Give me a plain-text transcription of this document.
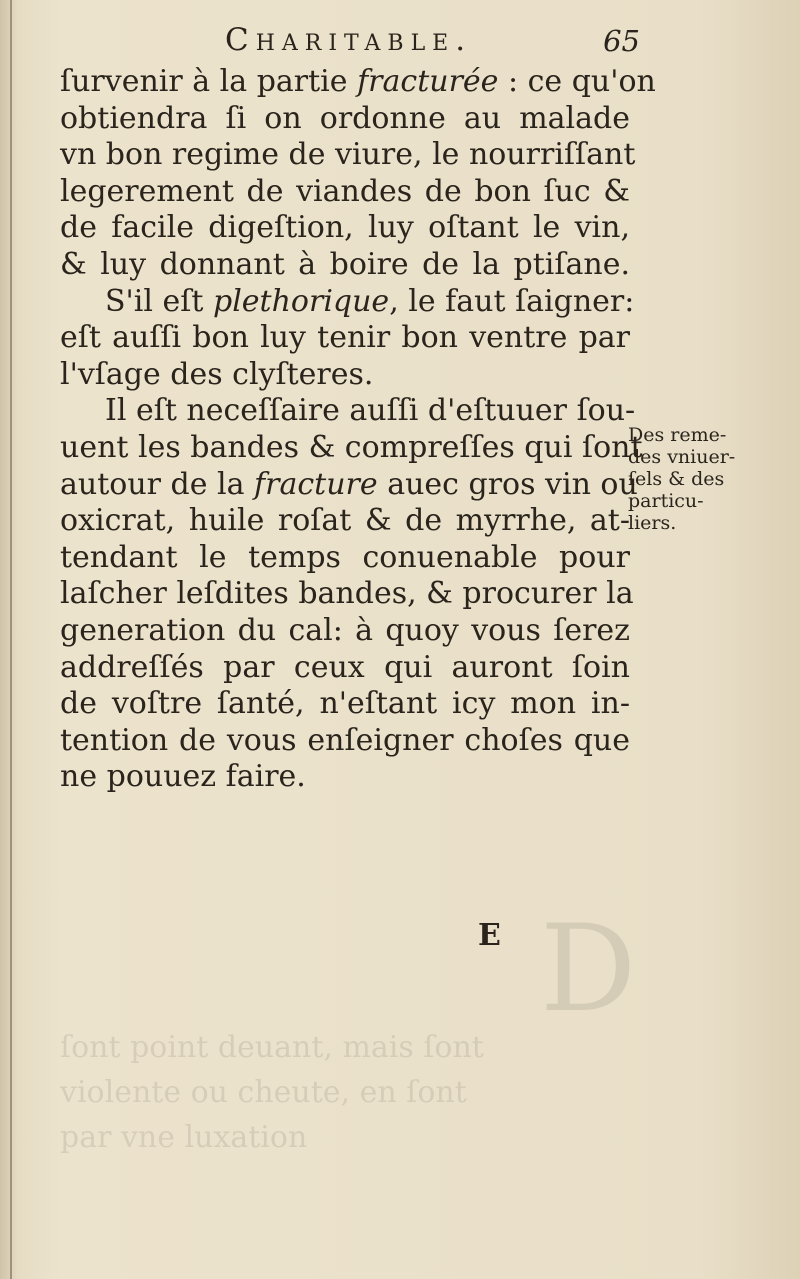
D
ſont point deuant, mais ſont
violente ou cheute, en ſont
par vne luxation
Charitable.	65
ſurvenir à la partie fracturée : ce qu'on
obtiendra ſi on ordonne au malade
vn bon regime de viure, le nourriſſant
legerement de viandes de bon ſuc &
de facile digeſtion, luy oſtant le vin,
& luy donnant à boire de la ptiſane.
S'il eſt plethorique, le faut ſaigner:
eſt auſſi bon luy tenir bon ventre par
l'vſage des clyſteres.
Il eſt neceſſaire auſſi d'eſtuuer ſou-
uent les bandes & compreſſes qui ſont
autour de la fracture auec gros vin ou
oxicrat, huile roſat & de myrrhe, at-
tendant le temps conuenable pour
laſcher leſdites bandes, & procurer la
generation du cal: à quoy vous ſerez
addreſſés par ceux qui auront ſoin
de voſtre ſanté, n'eſtant icy mon in-
tention de vous enſeigner choſes que
ne pouuez faire.
Des reme-
des vniuer-
ſels & des
particu-
liers.
E
